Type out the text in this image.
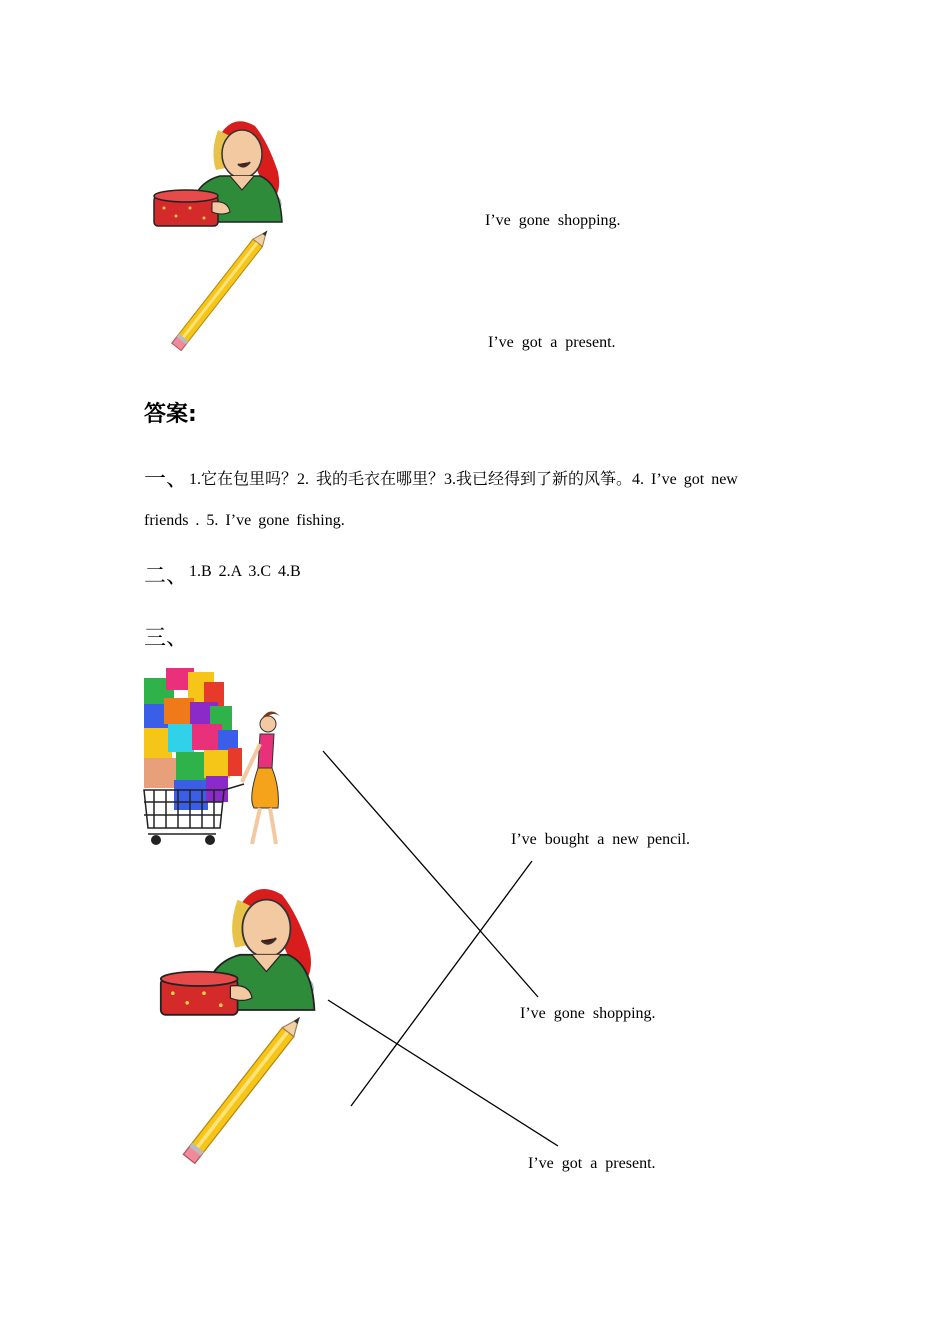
I’ve gone shopping.
I’ve got a present.
答案:
一、 1.它在包里吗？2. 我的毛衣在哪里？3.我已经得到了新的风筝。4. I’ve got new
friends . 5. I’ve gone fishing.
二、 1.B 2.A 3.C 4.B
三、
I’ve bought a new pencil.
I’ve gone shopping.
I’ve got a present.
